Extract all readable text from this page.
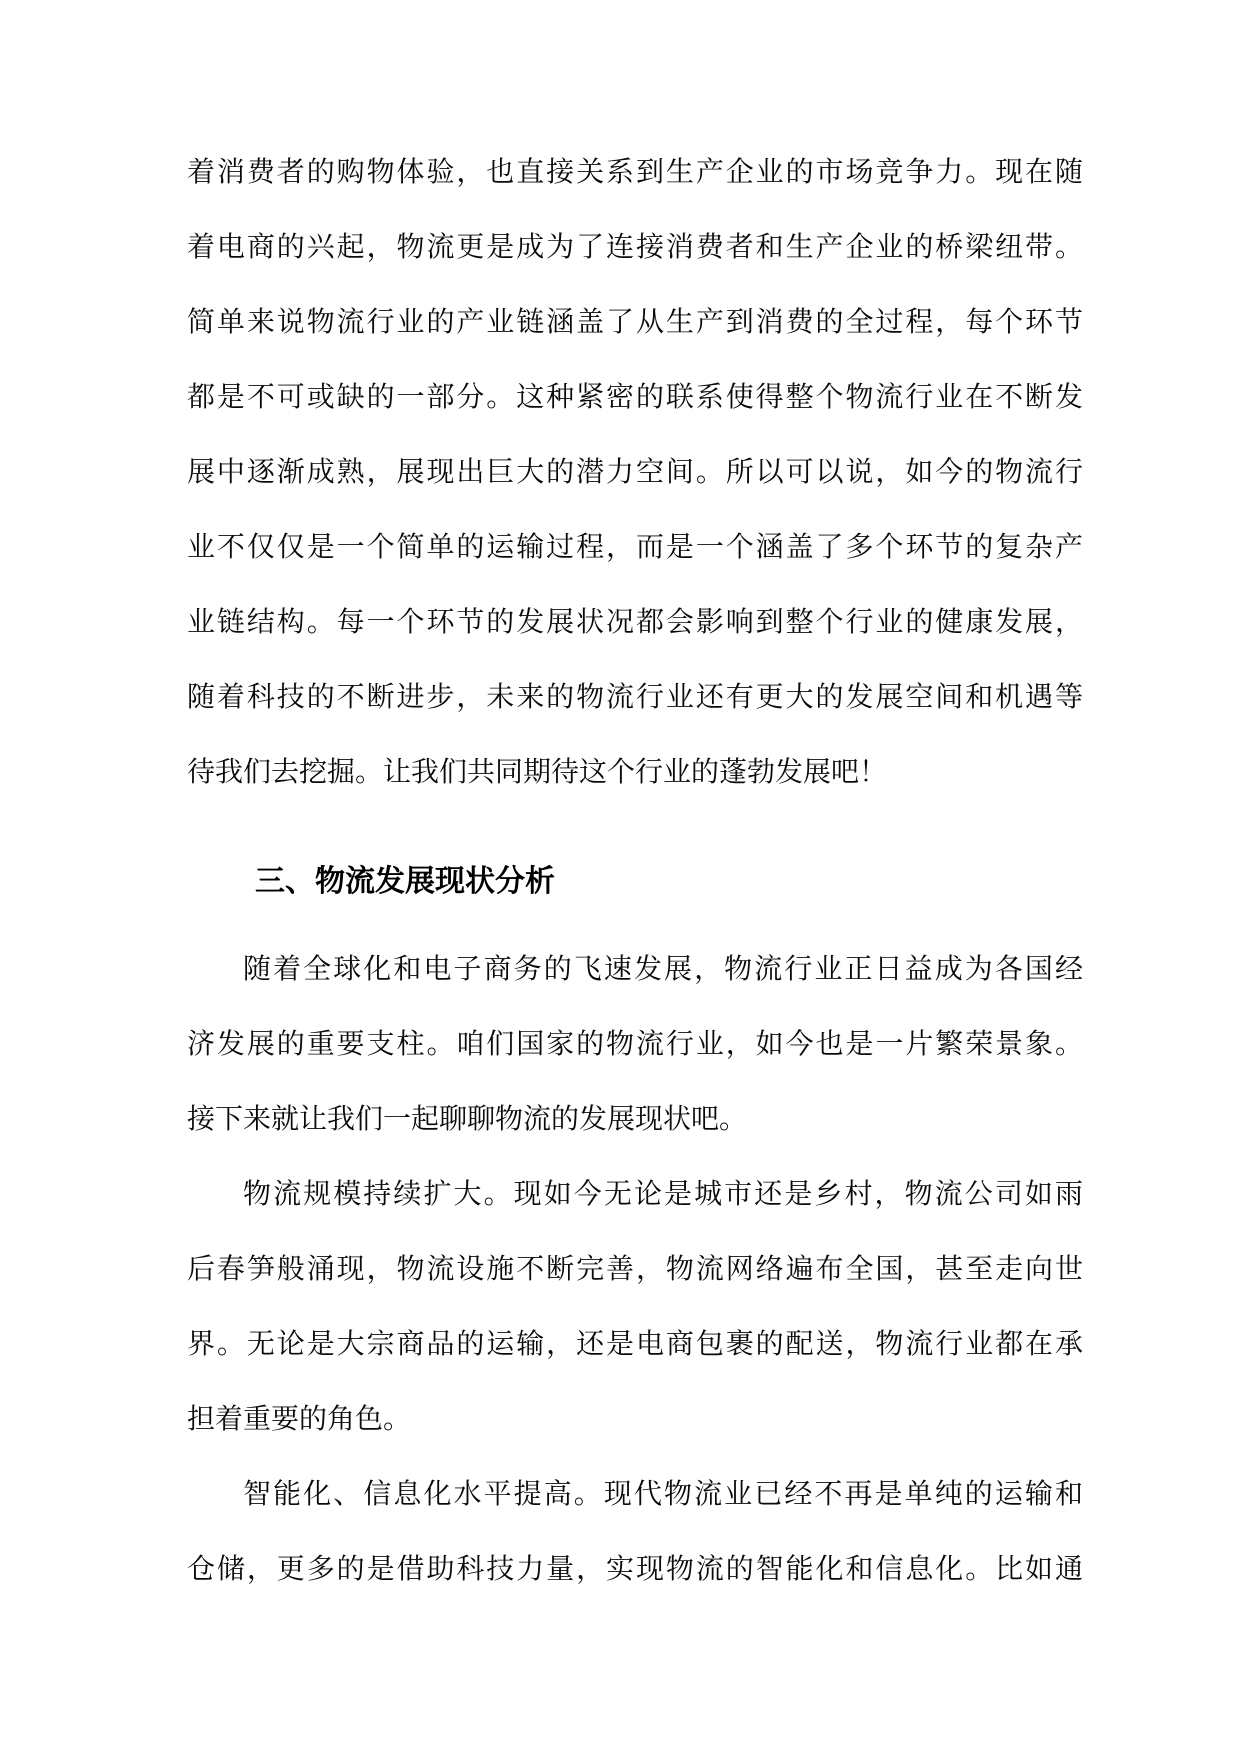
着消费者的购物体验，也直接关系到生产企业的市场竞争力。现在随
着电商的兴起，物流更是成为了连接消费者和生产企业的桥梁纽带。
简单来说物流行业的产业链涵盖了从生产到消费的全过程，每个环节
都是不可或缺的一部分。这种紧密的联系使得整个物流行业在不断发
展中逐渐成熟，展现出巨大的潜力空间。所以可以说，如今的物流行
业不仅仅是一个简单的运输过程，而是一个涵盖了多个环节的复杂产
业链结构。每一个环节的发展状况都会影响到整个行业的健康发展，
随着科技的不断进步，未来的物流行业还有更大的发展空间和机遇等
待我们去挖掘。让我们共同期待这个行业的蓬勃发展吧！
三、物流发展现状分析
随着全球化和电子商务的飞速发展，物流行业正日益成为各国经
济发展的重要支柱。咱们国家的物流行业，如今也是一片繁荣景象。
接下来就让我们一起聊聊物流的发展现状吧。
物流规模持续扩大。现如今无论是城市还是乡村，物流公司如雨
后春笋般涌现，物流设施不断完善，物流网络遍布全国，甚至走向世
界。无论是大宗商品的运输，还是电商包裹的配送，物流行业都在承
担着重要的角色。
智能化、信息化水平提高。现代物流业已经不再是单纯的运输和
仓储，更多的是借助科技力量，实现物流的智能化和信息化。比如通
